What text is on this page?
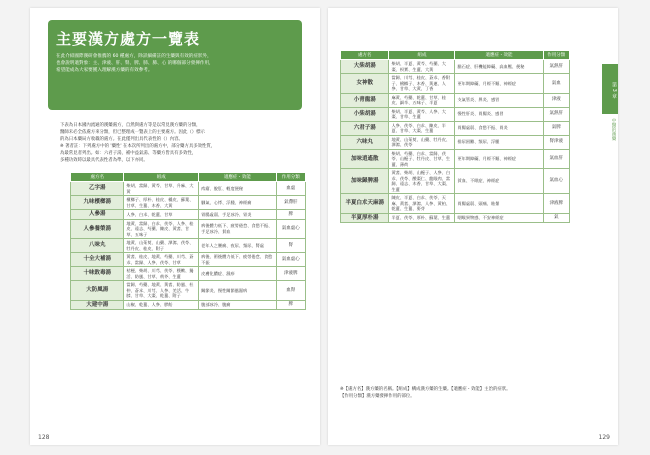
主要漢方處方一覽表
在此介紹國際漢研會推薦的 60 種處方，除詳細備註的生藥與有效的症狀外，
也會說明適對象：主、津液、肝、腎、脾、肺、肺、心 的哪個部分發揮作用，
希望能成為大家要獲入理解漢方藥的有效參考。
下表為日本國內流通的漢藥處方，自然與處方等是以常見漢方藥的分類，
醫師未必全依處方來分類，但已整理成一覽表上的主要處方。因此（）標示
的為日本藥局方收載的處方。在此僅列出具代表性的（）內容。
※ 著者註：下列處方中的 '藥性' 在本次所列出的處方中，部分藥方具多效性質，
為最常見者列出。如：六君子湯，補中益氣湯、等藥方皆具有多效性，
多種功效時以最具代表性者為準，以下亦同。
處方名	組成	適應症・效能	作用分類
乙字湯	柴胡、當歸、黃芩、甘草、升麻、大黃	痔瘡、脫肛、輕度便秘	血虛
九味檳榔湯	檳榔子、厚朴、桂皮、橘皮、蘇葉、甘草、生薑、木香、大黃	腳氣、心悸、浮腫、神經痛	氣滯肝
人參湯	人參、白朮、乾薑、甘草	胃腸虛弱、手足冰冷、胃炎	脾
人參養榮湯	地黃、當歸、白朮、茯苓、人參、桂皮、遠志、芍藥、陳皮、黃耆、甘草、五味子	病後體力低下、疲勞倦怠、食慾不振、手足冰冷、貧血	氣血虛心
八味丸	地黃、山茱萸、山藥、澤瀉、茯苓、牡丹皮、桂皮、附子	老年人之腰痛、夜尿、頻尿、腎虛	腎
十全大補湯	黃耆、桂皮、地黃、芍藥、川芎、蒼朮、當歸、人參、茯苓、甘草	病後、術後體力低下、疲勞倦怠、食慾不振	氣血虛心
十味敗毒湯	桔梗、柴胡、川芎、茯苓、樸樕、獨活、防風、甘草、荊芥、生薑	皮膚化膿症、濕疹	津液脾
大防風湯	當歸、芍藥、地黃、黃耆、防風、杜仲、蒼朮、川芎、人參、羌活、牛膝、甘草、大棗、乾薑、附子	關節炎、慢性關節風濕病	血腎
大建中湯	山椒、乾薑、人參、膠飴	腹部冰冷、腹痛	脾
128
處方名	組成	適應症・效能	作用分類
大柴胡湯	柴胡、半夏、黃芩、芍藥、大棗、枳實、生薑、大黃	膽石症、肝機能障礙、高血壓、便秘	氣熱肝
女神散	當歸、川芎、桂皮、蒼朮、香附子、檳榔子、木香、黃連、人參、甘草、大黃、丁香	更年期障礙、月經不順、神經症	氣血
小青龍湯	麻黃、芍藥、乾薑、甘草、桂皮、細辛、五味子、半夏	支氣管炎、鼻炎、感冒	津液
小柴胡湯	柴胡、半夏、黃芩、人參、大棗、甘草、生薑	慢性肝炎、胃腸炎、感冒	氣熱肝
六君子湯	人參、茯苓、白朮、陳皮、半夏、甘草、大棗、生薑	胃腸虛弱、食慾不振、胃炎	氣脾
六味丸	地黃、山茱萸、山藥、牡丹皮、澤瀉、茯苓	排尿困難、頻尿、浮腫	腎津液
加味逍遙散	柴胡、芍藥、白朮、當歸、茯苓、山梔子、牡丹皮、甘草、生薑、薄荷	更年期障礙、月經不順、神經症	氣血肝
加味歸脾湯	黃耆、柴胡、山梔子、人參、白朮、茯苓、酸棗仁、龍眼肉、當歸、遠志、木香、甘草、大棗、生薑	貧血、不眠症、神經症	氣血心
半夏白朮天麻湯	陳皮、半夏、白朮、茯苓、天麻、黃耆、澤瀉、人參、黃柏、乾薑、生薑、麥芽	胃腸虛弱、頭痛、眩暈	津液脾
半夏厚朴湯	半夏、茯苓、厚朴、蘇葉、生薑	咽喉異物感、不安神經症	氣
第 3 章
中醫的漢藥
※【處方名】漢方藥的名稱。【組成】構成漢方藥的生藥。【適應症・效能】主治的症狀。
【作用分類】漢方藥發揮作用的部位。
129
